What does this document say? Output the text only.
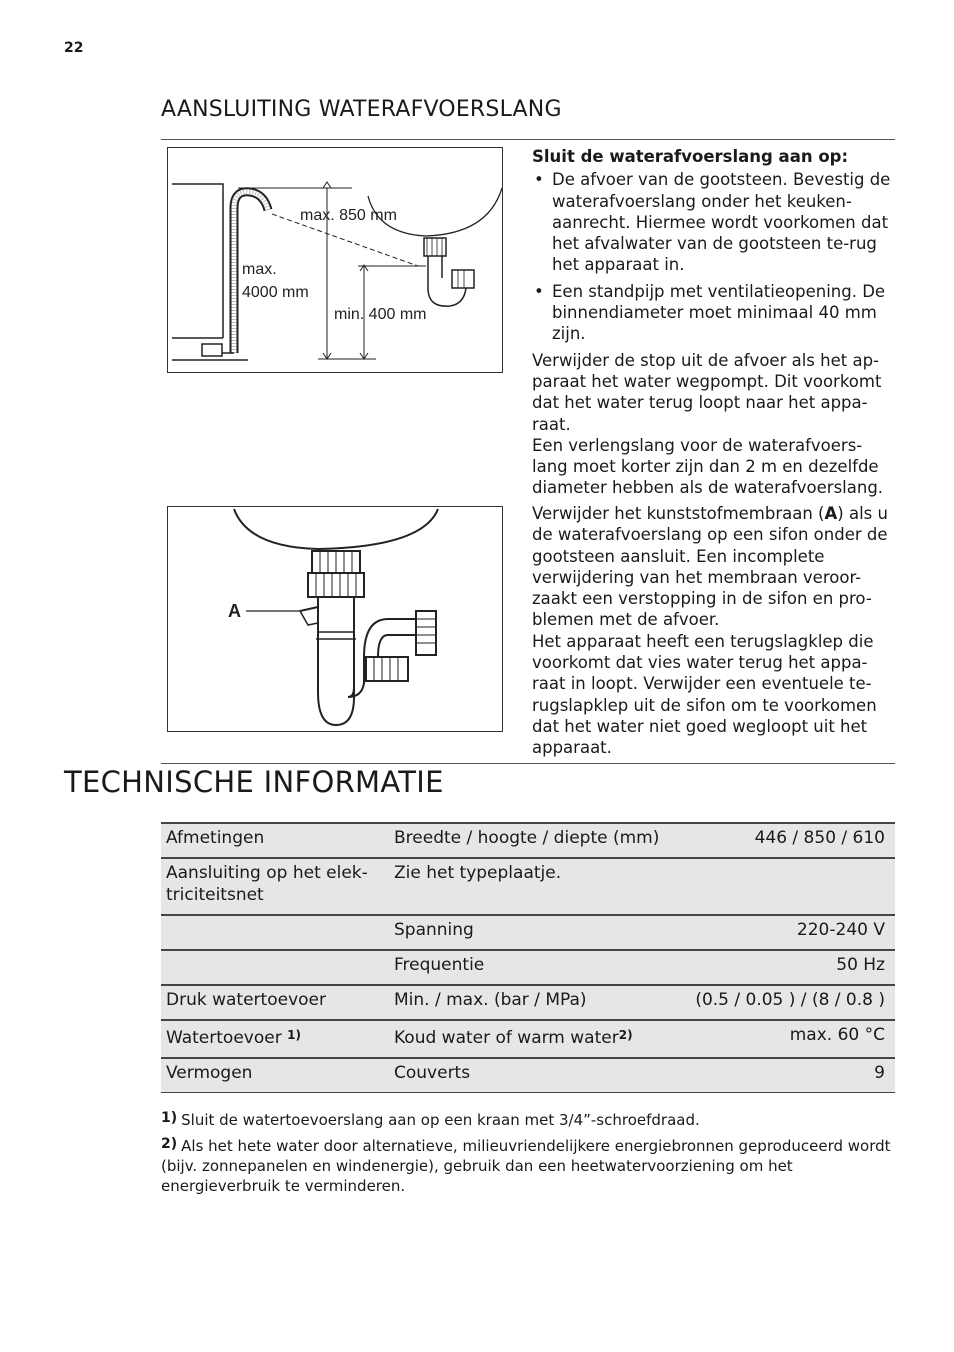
22
AANSLUITING WATERAFVOERSLANG
max. 850 mm
max.
4000 mm
min. 400 mm

Sluit de waterafvoerslang aan op:

• De afvoer van de gootsteen. Bevestig de waterafvoerslang onder het keuken-aanrecht. Hiermee wordt voorkomen dat het afvalwater van de gootsteen te-rug het apparaat in.
• Een standpijp met ventilatieopening. De binnendiameter moet minimaal 40 mm zijn.

Verwijder de stop uit de afvoer als het ap-paraat het water wegpompt. Dit voorkomt dat het water terug loopt naar het appa-raat.

Een verlengslang voor de waterafvoers-lang moet korter zijn dan 2 m en dezelfde diameter hebben als de waterafvoerslang.

A

Verwijder het kunststofmembraan (A) als u de waterafvoerslang op een sifon onder de gootsteen aansluit. Een incomplete verwijdering van het membraan veroor-zaakt een verstopping in de sifon en pro-blemen met de afvoer.

Het apparaat heeft een terugslagklep die voorkomt dat vies water terug het appa-raat in loopt. Verwijder een eventuele te-rugslapklep uit de sifon om te voorkomen dat het water niet goed wegloopt uit het apparaat.

TECHNISCHE INFORMATIE
Afmetingen	Breedte / hoogte / diepte (mm)	446 / 850 / 610
Aansluiting op het elek-triciteitsnet	Zie het typeplaatje.	
	Spanning	220-240 V
	Frequentie	50 Hz
Druk watertoevoer	Min. / max. (bar / MPa)	(0.5 / 0.05 ) / (8 / 0.8 )
Watertoevoer $^{1)}$	Koud water of warm water$^{2)}$	max. 60 °C
Vermogen	Couverts	9
1) Sluit de watertoevoerslang aan op een kraan met 3/4”-schroefdraad.
2) Als het hete water door alternatieve, milieuvriendelijkere energiebronnen geproduceerd wordt (bijv. zonnepanelen en windenergie), gebruik dan een heetwatervoorziening om het energieverbruik te verminderen.
